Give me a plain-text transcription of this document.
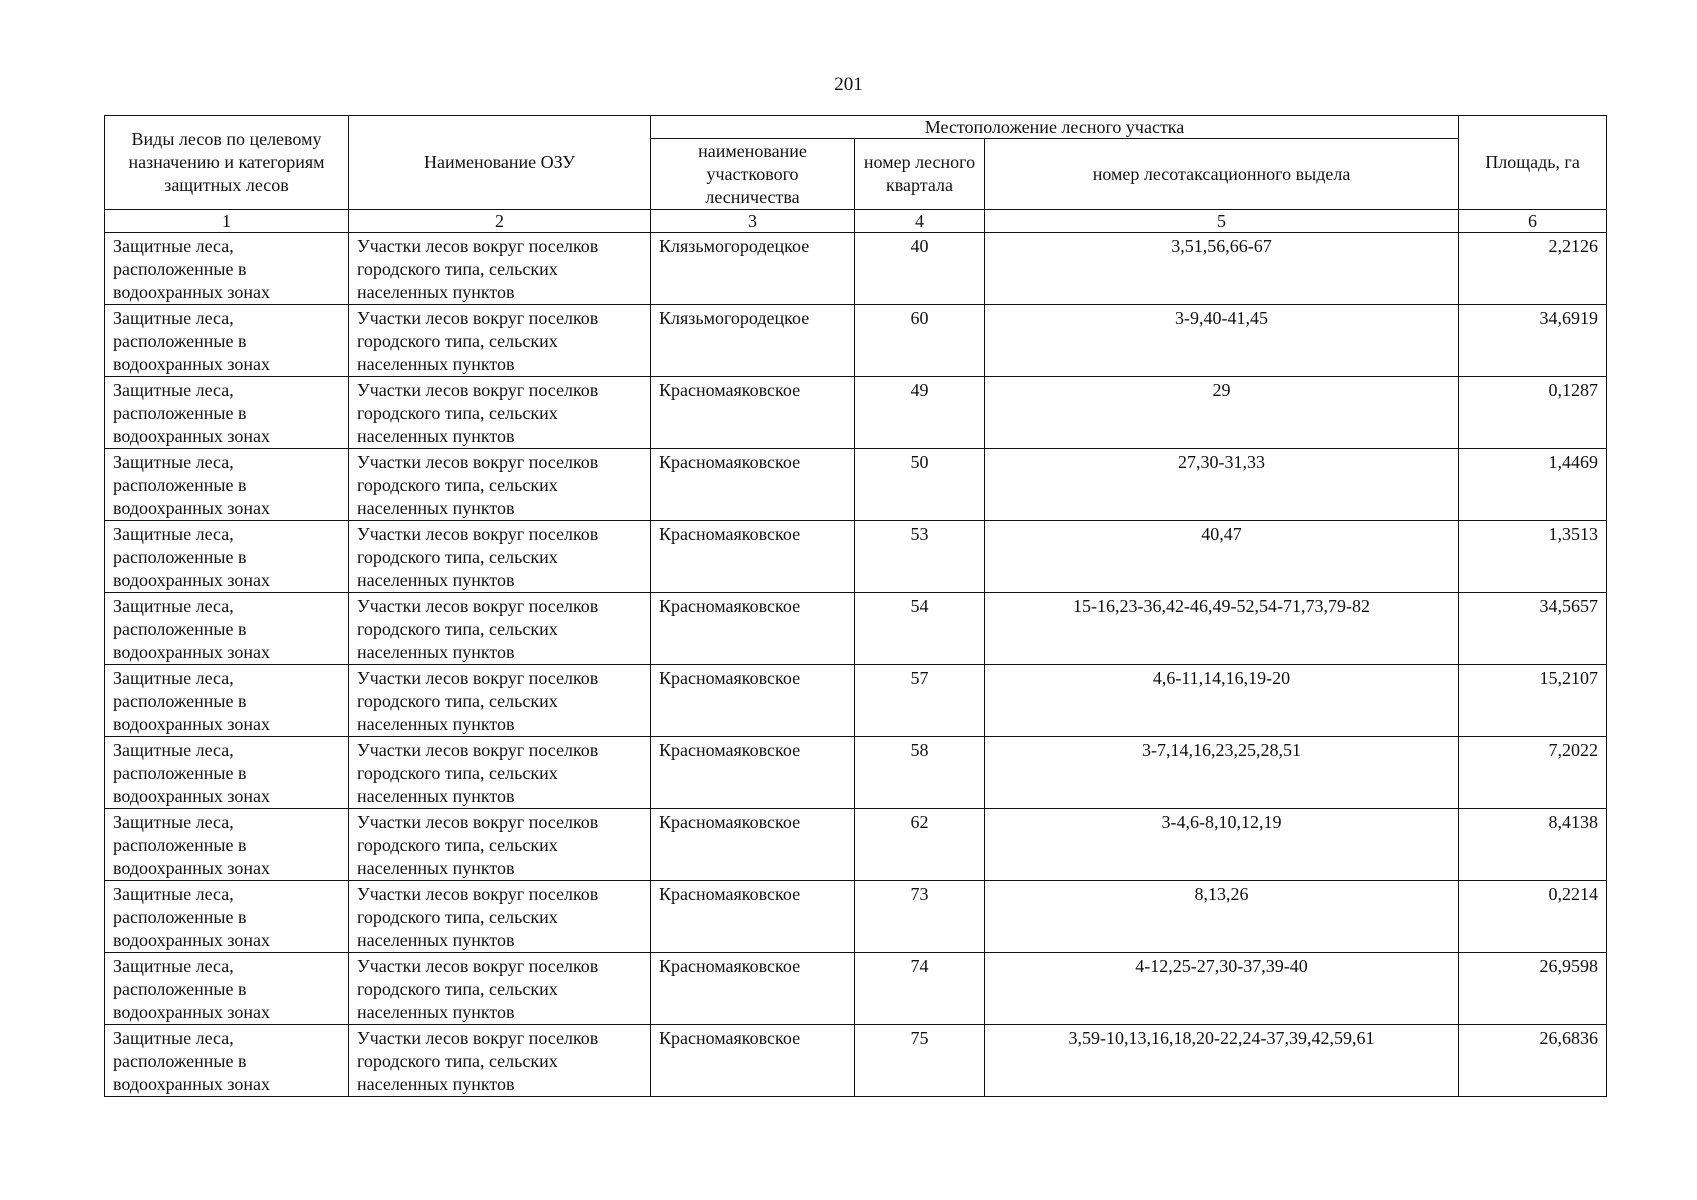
201
Виды лесов по целевому назначению и категориям защитных лесов	Наименование ОЗУ	Местоположение лесного участка			Площадь, га
		наименование участкового лесничества	номер лесного квартала	номер лесотаксационного выдела	
1	2	3	4	5	6
Защитные леса, расположенные в водоохранных зонах	Участки лесов вокруг поселков городского типа, сельских населенных пунктов	Клязьмогородецкое	40	3,51,56,66-67	2,2126
Защитные леса, расположенные в водоохранных зонах	Участки лесов вокруг поселков городского типа, сельских населенных пунктов	Клязьмогородецкое	60	3-9,40-41,45	34,6919
Защитные леса, расположенные в водоохранных зонах	Участки лесов вокруг поселков городского типа, сельских населенных пунктов	Красномаяковское	49	29	0,1287
Защитные леса, расположенные в водоохранных зонах	Участки лесов вокруг поселков городского типа, сельских населенных пунктов	Красномаяковское	50	27,30-31,33	1,4469
Защитные леса, расположенные в водоохранных зонах	Участки лесов вокруг поселков городского типа, сельских населенных пунктов	Красномаяковское	53	40,47	1,3513
Защитные леса, расположенные в водоохранных зонах	Участки лесов вокруг поселков городского типа, сельских населенных пунктов	Красномаяковское	54	15-16,23-36,42-46,49-52,54-71,73,79-82	34,5657
Защитные леса, расположенные в водоохранных зонах	Участки лесов вокруг поселков городского типа, сельских населенных пунктов	Красномаяковское	57	4,6-11,14,16,19-20	15,2107
Защитные леса, расположенные в водоохранных зонах	Участки лесов вокруг поселков городского типа, сельских населенных пунктов	Красномаяковское	58	3-7,14,16,23,25,28,51	7,2022
Защитные леса, расположенные в водоохранных зонах	Участки лесов вокруг поселков городского типа, сельских населенных пунктов	Красномаяковское	62	3-4,6-8,10,12,19	8,4138
Защитные леса, расположенные в водоохранных зонах	Участки лесов вокруг поселков городского типа, сельских населенных пунктов	Красномаяковское	73	8,13,26	0,2214
Защитные леса, расположенные в водоохранных зонах	Участки лесов вокруг поселков городского типа, сельских населенных пунктов	Красномаяковское	74	4-12,25-27,30-37,39-40	26,9598
Защитные леса, расположенные в водоохранных зонах	Участки лесов вокруг поселков городского типа, сельских населенных пунктов	Красномаяковское	75	3,59-10,13,16,18,20-22,24-37,39,42,59,61	26,6836
